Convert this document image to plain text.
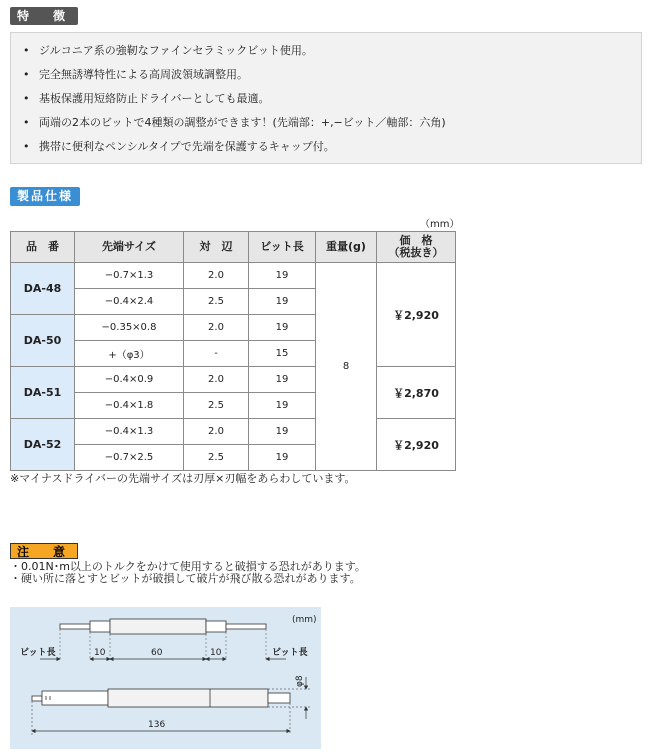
特　徴
• ジルコニア系の強靭なファインセラミックビット使用。
• 完全無誘導特性による高周波領域調整用。
• 基板保護用短絡防止ドライバーとしても最適。
• 両端の2本のビットで4種類の調整ができます！(先端部：+,−ビット／軸部：六角)
• 携帯に便利なペンシルタイプで先端を保護するキャップ付。
製品仕様
（mm）
品　番	先端サイズ	対　辺	ビット長	重量(g)	価　格
（税抜き）
DA-48	−0.7×1.3	2.0	19	8	￥2,920
	−0.4×2.4	2.5	19		
DA-50	−0.35×0.8	2.0	19		
	+（φ3）	-	15		
DA-51	−0.4×0.9	2.0	19		￥2,870
	−0.4×1.8	2.5	19		
DA-52	−0.4×1.3	2.0	19		￥2,920
	−0.7×2.5	2.5	19		
※マイナスドライバーの先端サイズは刃厚×刃幅をあらわしています。
注　意
・0.01N･m以上のトルクをかけて使用すると破損する恐れがあります。
・硬い所に落とすとビットが破損して破片が飛び散る恐れがあります。
(mm)
ビット長	10	60	10	ビット長
φ8
136
